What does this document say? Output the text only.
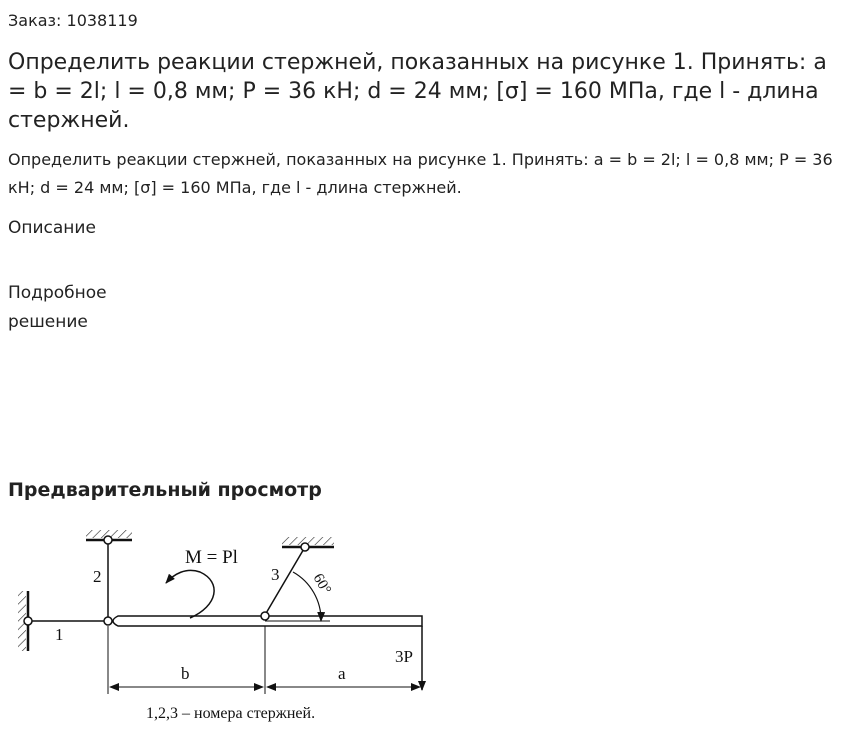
Заказ: 1038119
Определить реакции стержней, показанных на рисунке 1. Принять: a = b = 2l; l = 0,8 мм; P = 36 кН; d = 24 мм; [σ] = 160 МПа, где l - длина стержней.
Определить реакции стержней, показанных на рисунке 1. Принять: a = b = 2l; l = 0,8 мм; P = 36 кН; d = 24 мм; [σ] = 160 МПа, где l - длина стержней.
Описание
Подробное решение
Предварительный просмотр
M = Pl
1
2	3 60°
3P
b	a
1,2,3 – номера стержней.
